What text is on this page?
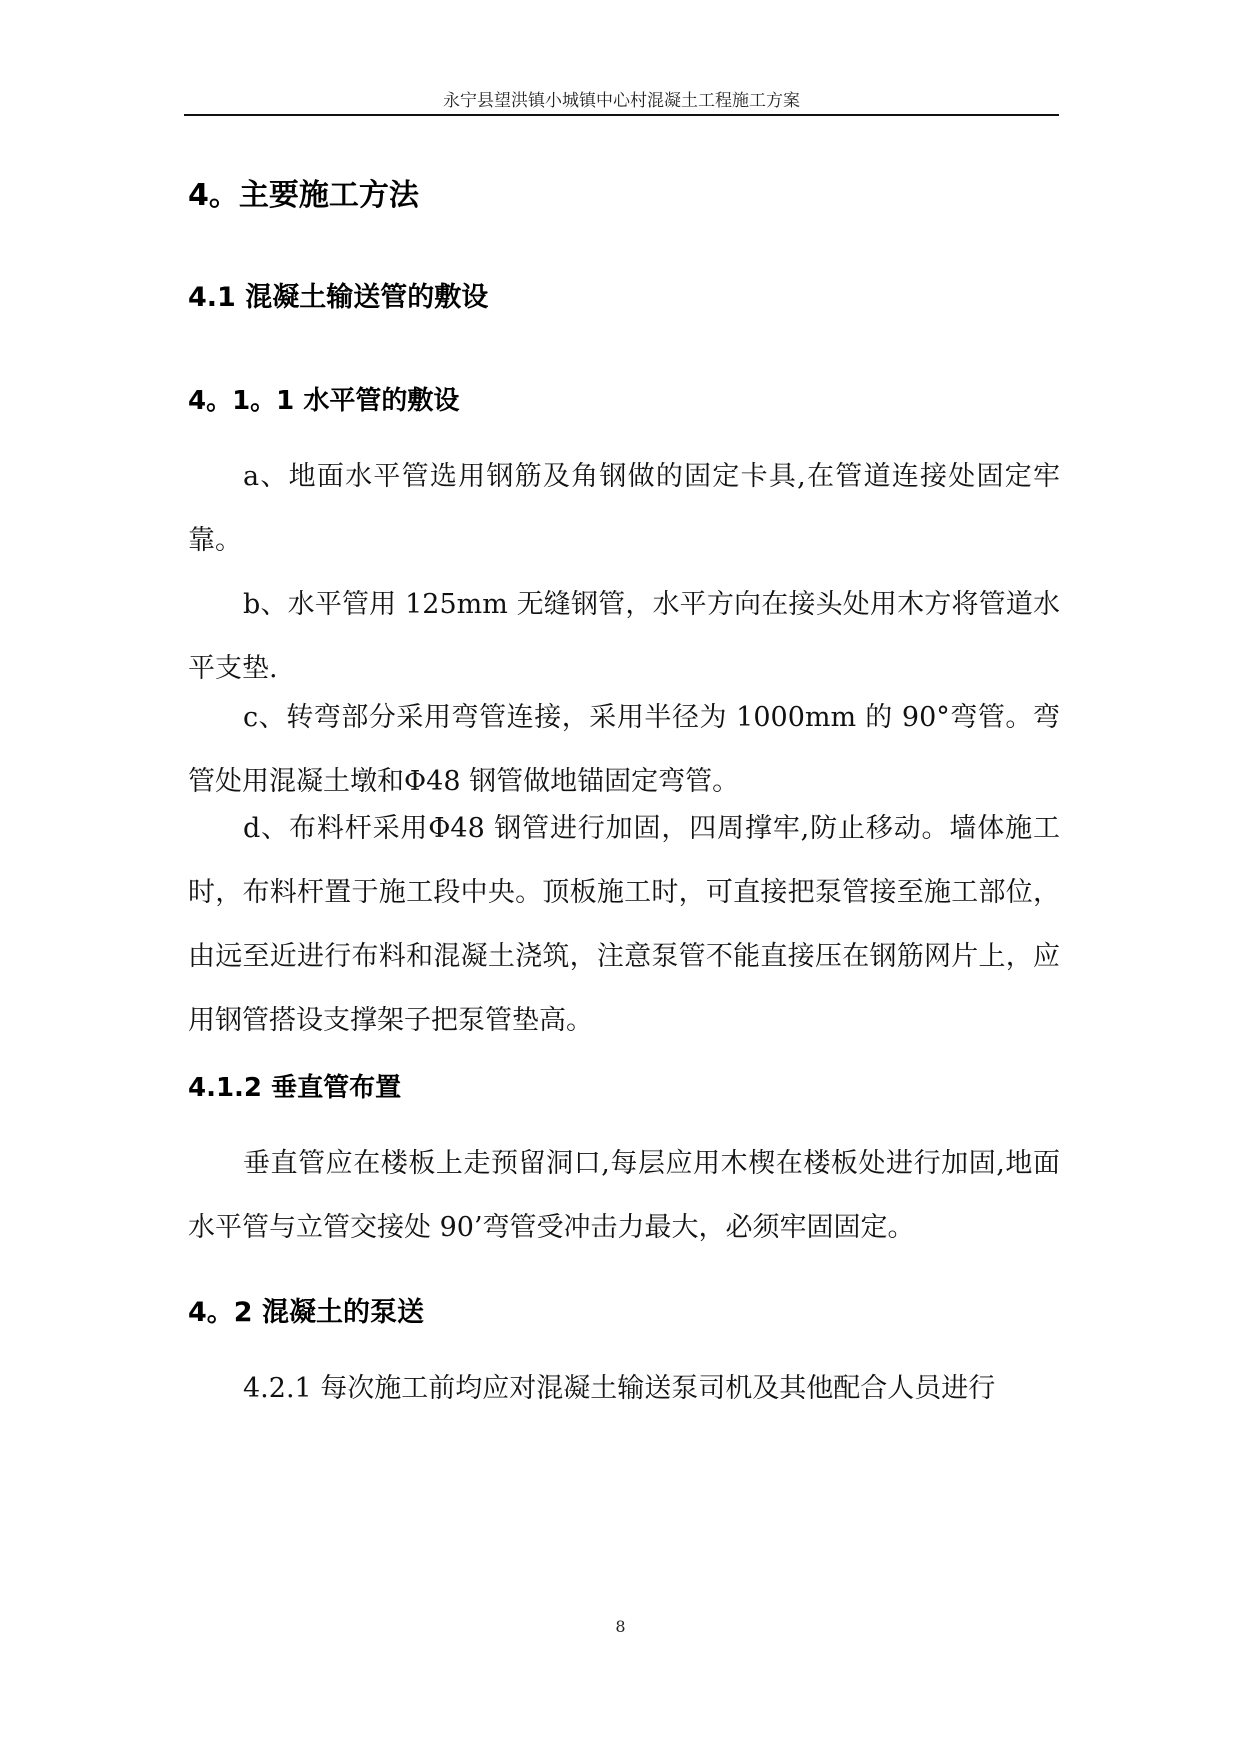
永宁县望洪镇小城镇中心村混凝土工程施工方案
4。主要施工方法
4.1 混凝土输送管的敷设
4。1。1 水平管的敷设

a、地面水平管选用钢筋及角钢做的固定卡具,在管道连接处固定牢靠。

b、水平管用 125mm 无缝钢管，水平方向在接头处用木方将管道水平支垫.

c、转弯部分采用弯管连接，采用半径为 1000mm 的 90°弯管。弯管处用混凝土墩和Φ48 钢管做地锚固定弯管。

d、布料杆采用Φ48 钢管进行加固，四周撑牢,防止移动。墙体施工时，布料杆置于施工段中央。顶板施工时，可直接把泵管接至施工部位，由远至近进行布料和混凝土浇筑，注意泵管不能直接压在钢筋网片上，应用钢管搭设支撑架子把泵管垫高。

4.1.2 垂直管布置

垂直管应在楼板上走预留洞口,每层应用木楔在楼板处进行加固,地面水平管与立管交接处 90’弯管受冲击力最大，必须牢固固定。

4。2 混凝土的泵送

4.2.1 每次施工前均应对混凝土输送泵司机及其他配合人员进行

8
